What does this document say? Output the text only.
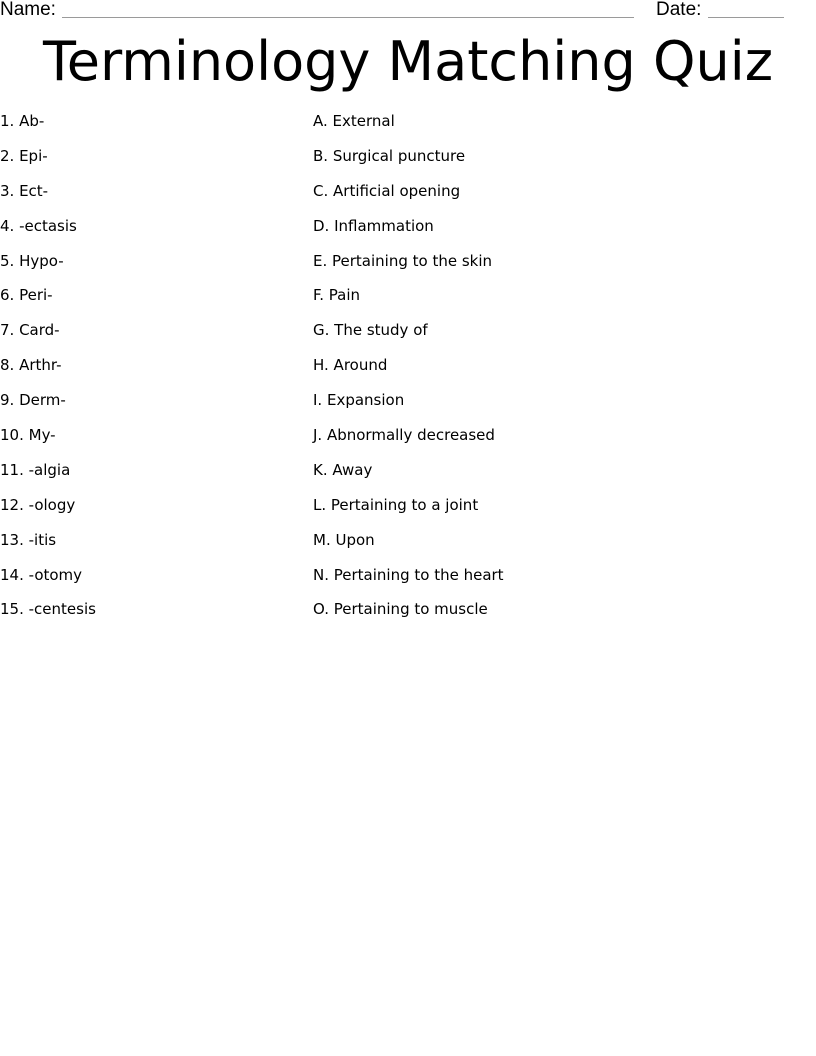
Name:	Date:
Terminology Matching Quiz
1. Ab-
2. Epi-
3. Ect-
4. -ectasis
5. Hypo-
6. Peri-
7. Card-
8. Arthr-
9. Derm-
10. My-
11. -algia
12. -ology
13. -itis
14. -otomy
15. -centesis
A. External
B. Surgical puncture
C. Artificial opening
D. Inflammation
E. Pertaining to the skin
F. Pain
G. The study of
H. Around
I. Expansion
J. Abnormally decreased
K. Away
L. Pertaining to a joint
M. Upon
N. Pertaining to the heart
O. Pertaining to muscle
